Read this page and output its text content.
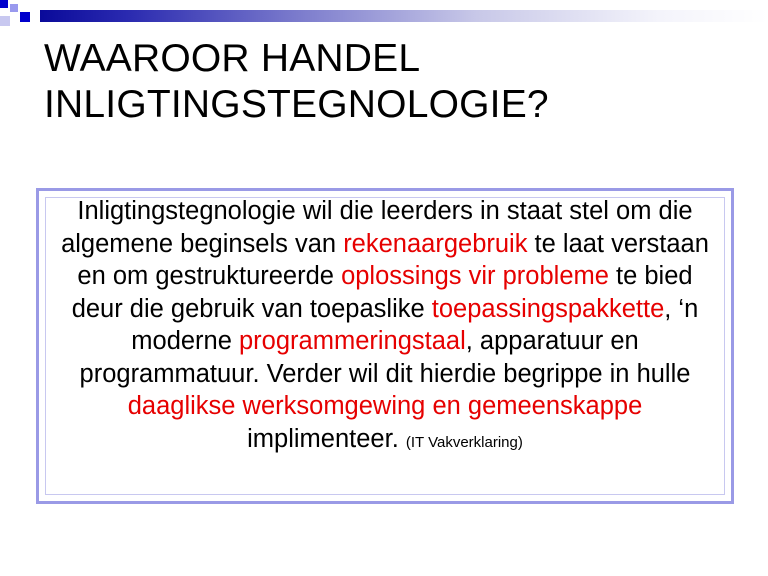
WAAROOR HANDEL
INLIGTINGSTEGNOLOGIE?
Inligtingstegnologie wil die leerders in staat stel om die algemene beginsels van rekenaargebruik te laat verstaan en om gestruktureerde oplossings vir probleme te bied deur die gebruik van toepaslike toepassingspakkette, ‘n moderne programmeringstaal, apparatuur en programmatuur. Verder wil dit hierdie begrippe in hulle daaglikse werksomgewing en gemeenskappe implimenteer. (IT Vakverklaring)
